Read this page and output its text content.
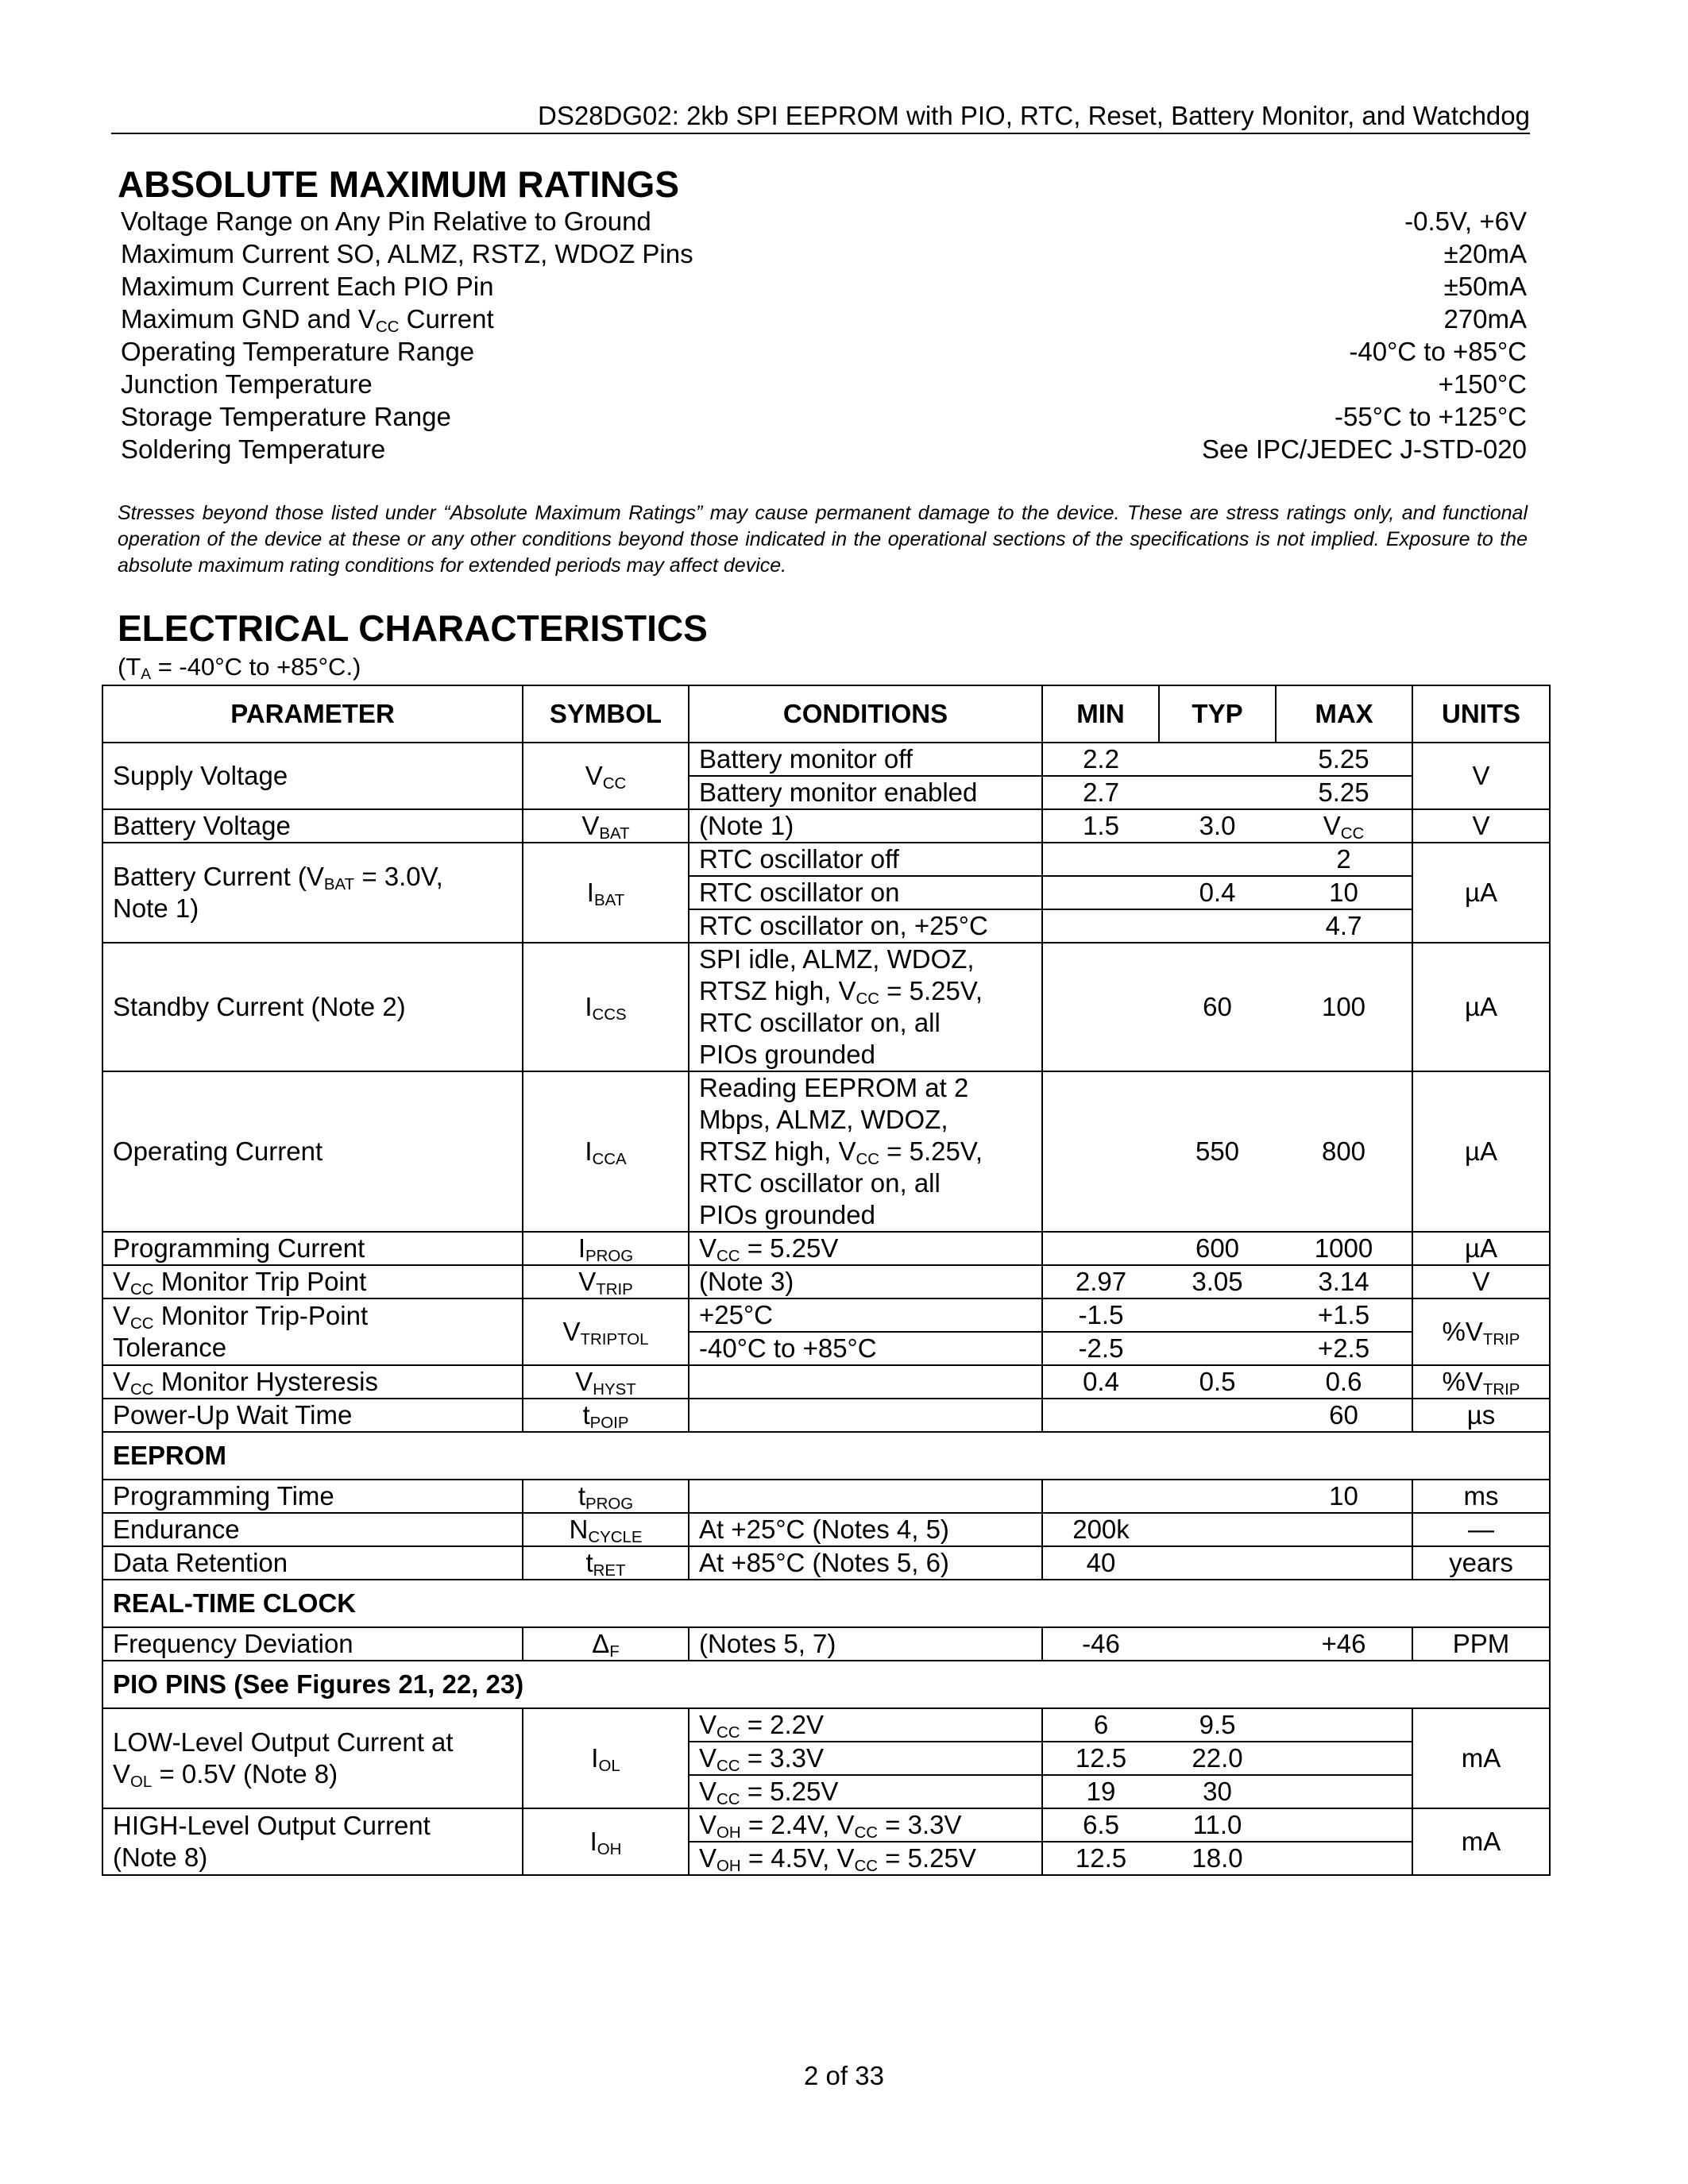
DS28DG02: 2kb SPI EEPROM with PIO, RTC, Reset, Battery Monitor, and Watchdog
ABSOLUTE MAXIMUM RATINGS
Voltage Range on Any Pin Relative to Ground	-0.5V, +6V
Maximum Current SO, ALMZ, RSTZ, WDOZ Pins	±20mA
Maximum Current Each PIO Pin	±50mA
Maximum GND and $V_{CC}$ Current	270mA
Operating Temperature Range	-40°C to +85°C
Junction Temperature	+150°C
Storage Temperature Range	-55°C to +125°C
Soldering Temperature	See IPC/JEDEC J-STD-020
Stresses beyond those listed under “Absolute Maximum Ratings” may cause permanent damage to the device. These are stress ratings only, and functional operation of the device at these or any other conditions beyond those indicated in the operational sections of the specifications is not implied. Exposure to the absolute maximum rating conditions for extended periods may affect device.
ELECTRICAL CHARACTERISTICS
($T_A = -40^\circ C$ to +85°C.)
PARAMETER	SYMBOL	CONDITIONS	MIN	TYP	MAX	UNITS
Supply Voltage	$V_{CC}$	Battery monitor off	2.2		5.25	V
		Battery monitor enabled	2.7		5.25	
Battery Voltage	$V_{BAT}$	(Note 1)	1.5	3.0	$V_{CC}$	V
Battery Current ($V_{BAT} = 3.0V$,
Note 1)	$I_{BAT}$	RTC oscillator off			2	µA
		RTC oscillator on		0.4	10	
		RTC oscillator on, +25°C			4.7	
Standby Current (Note 2)	$I_{CCS}$	SPI idle, ALMZ, WDOZ,
RTSZ high, $V_{CC} = 5.25V$,
RTC oscillator on, all
PIOs grounded		60	100	µA
Operating Current	$I_{CCA}$	Reading EEPROM at 2
Mbps, ALMZ, WDOZ,
RTSZ high, $V_{CC} = 5.25V$,
RTC oscillator on, all
PIOs grounded		550	800	µA
Programming Current	$I_{PROG}$	$V_{CC} = 5.25V$		600	1000	µA
$V_{CC}$ Monitor Trip Point	$V_{TRIP}$	(Note 3)	2.97	3.05	3.14	V
$V_{CC}$ Monitor Trip-Point
Tolerance	$V_{TRIPTOL}$	+25°C	-1.5		+1.5	$\%V_{TRIP}$
		-40°C to +85°C	-2.5		+2.5	
$V_{CC}$ Monitor Hysteresis	$V_{HYST}$		0.4	0.5	0.6	$\%V_{TRIP}$
Power-Up Wait Time	$t_{POIP}$				60	µs
EEPROM						
Programming Time	$t_{PROG}$				10	ms
Endurance	$N_{CYCLE}$	At +25°C (Notes 4, 5)	200k			—
Data Retention	$t_{RET}$	At +85°C (Notes 5, 6)	40			years
REAL-TIME CLOCK						
Frequency Deviation	$\Delta_F$	(Notes 5, 7)	-46		+46	PPM
PIO PINS (See Figures 21, 22, 23)						
LOW-Level Output Current at
$V_{OL} = 0.5V$ (Note 8)	$I_{OL}$	$V_{CC} = 2.2V$	6	9.5		mA
		$V_{CC} = 3.3V$	12.5	22.0		
		$V_{CC} = 5.25V$	19	30		
HIGH-Level Output Current
(Note 8)	$I_{OH}$	$V_{OH} = 2.4V$, $V_{CC} = 3.3V$	6.5	11.0		mA
		$V_{OH} = 4.5V$, $V_{CC} = 5.25V$	12.5	18.0		
2 of 33
